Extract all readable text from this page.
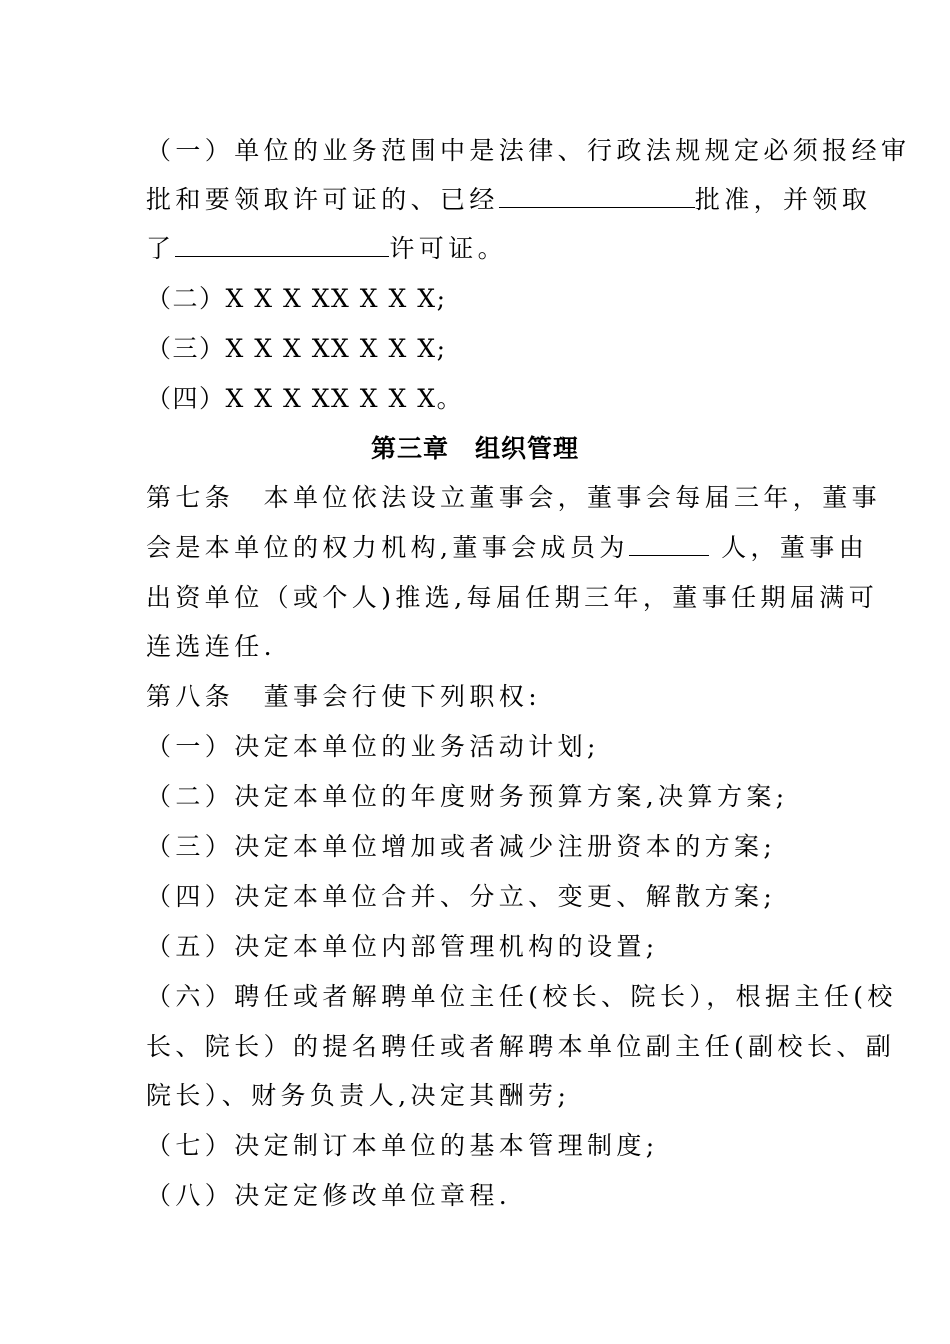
（一）单位的业务范围中是法律、行政法规规定必须报经审
批和要领取许可证的、已经	批准，并领取
了	许可证。
（二）X X X XX X X X;
（三）X X X XX X X X;
（四）X X X XX X X X。
第三章　组织管理
第七条　本单位依法设立董事会，董事会每届三年，董事
会是本单位的权力机构,董事会成员为	人，董事由
出资单位（或个人)推选,每届任期三年，董事任期届满可
连选连任.
第八条　董事会行使下列职权:
（一）决定本单位的业务活动计划;
（二）决定本单位的年度财务预算方案,决算方案;
（三）决定本单位增加或者减少注册资本的方案;
（四）决定本单位合并、分立、变更、解散方案;
（五）决定本单位内部管理机构的设置;
（六）聘任或者解聘单位主任(校长、院长），根据主任(校
长、院长）的提名聘任或者解聘本单位副主任(副校长、副
院长）、财务负责人,决定其酬劳;
（七）决定制订本单位的基本管理制度;
（八）决定定修改单位章程.
